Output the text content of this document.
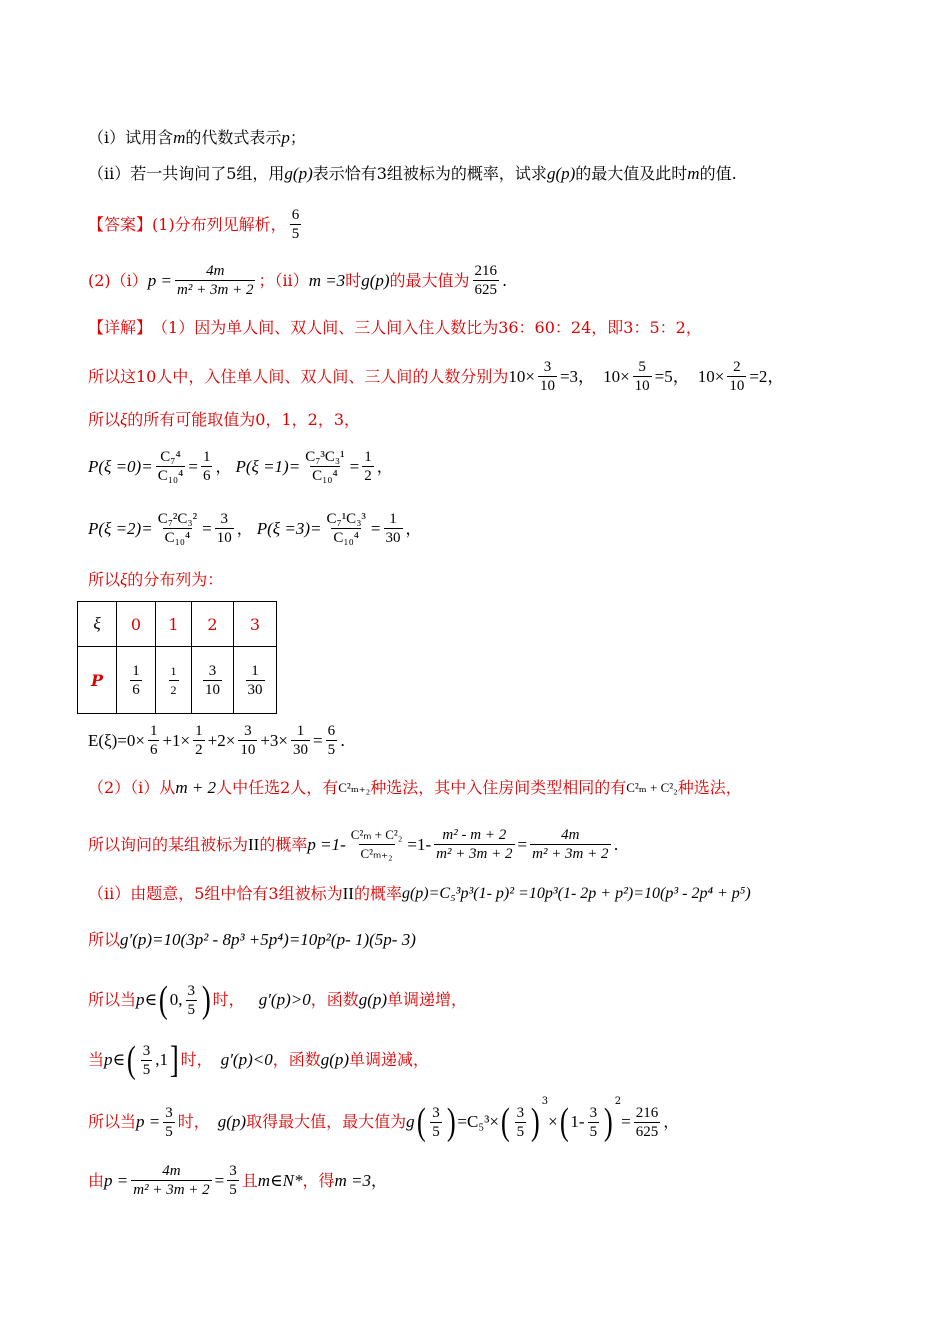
（i）试用含 m 的代数式表示 p ；
（ii）若一共询问了5组，用 g(p) 表示恰有3组被标为的概率，试求 g(p) 的最大值及此时 m 的值.
【答案】 (1)分布列见解析， $\frac{6}{5}$
(2)（i） $p = \frac{4m}{\text{m² + 3m + 2}}$ ；（ii） m =3 时 g(p) 的最大值为 $\frac{216}{625}$ .
【详解】 （1）因为单人间、双人间、三人间入住人数比为36：60：24，即3：5：2，
所以这10人中，入住单人间、双人间、三人间的人数分别为 $10\times \frac{3}{10} =3$， $10\times \frac{5}{10} =5$， $10\times \frac{2}{10} =2$，
所以 ξ 的所有可能取值为0，1，2，3，
$P(\xi =0)= \frac{\text{C₇⁴}}{\text{C₁₀⁴}} = \frac{1}{6}$ ， $P(\xi =1)= \frac{\text{C₇³C₃¹}}{\text{C₁₀⁴}} = \frac{1}{2}$ ，
$P(\xi =2)= \frac{\text{C₇²C₃²}}{\text{C₁₀⁴}} = \frac{3}{10}$ ， $P(\xi =3)= \frac{\text{C₇¹C₃³}}{\text{C₁₀⁴}} = \frac{1}{30}$ ，
所以 ξ 的分布列为：
ξ	0	1	2	3
P	$\frac{1}{6}$	$\frac{1}{2}$	$\frac{3}{10}$	$\frac{1}{30}$
$E(\xi)=0\times \frac{1}{6} +1\times \frac{1}{2} +2\times \frac{3}{10} +3\times \frac{1}{30} = \frac{6}{5}$ .
（2）（i）从 m + 2 人中任选2人，有 C²ₘ₊₂ 种选法，其中入住房间类型相同的有 C²ₘ + C²₂ 种选法，
所以询问的某组被标为 II 的概率 $p =1- \frac{\text{C²ₘ + C²₂}}{\text{C²ₘ₊₂}} =1- \frac{\text{m² - m + 2}}{\text{m² + 3m + 2}} = \frac{4m}{\text{m² + 3m + 2}}$ .
（ii）由题意，5组中恰有3组被标为 II 的概率 g(p)=C₅³p³(1- p)² =10p³(1- 2p + p²)=10(p³ - 2p⁴ + p⁵)
所以 g′(p)=10(3p² - 8p³ +5p⁴)=10p²(p- 1)(5p- 3)
所以当 p∈ ( 0, $\frac{3}{5}$ ) 时， g′(p)>0 ，函数 g(p) 单调递增，
当 p∈ ( $\frac{3}{5} ,1$ ] 时， g′(p)<0 ，函数 g(p) 单调递减，
所以当 $p = \frac{3}{5}$ 时， g(p) 取得最大值，最大值为 g ( $\frac{3}{5}$ ) =C₅³× ( $\frac{3}{5}$ ) 3
× ( $1- \frac{3}{5}$ ) 2
= $\frac{216}{625}$ ，
由 $p = \frac{4m}{\text{m² + 3m + 2}} = \frac{3}{5}$ 且 m∈N* ，得 m =3 ，
